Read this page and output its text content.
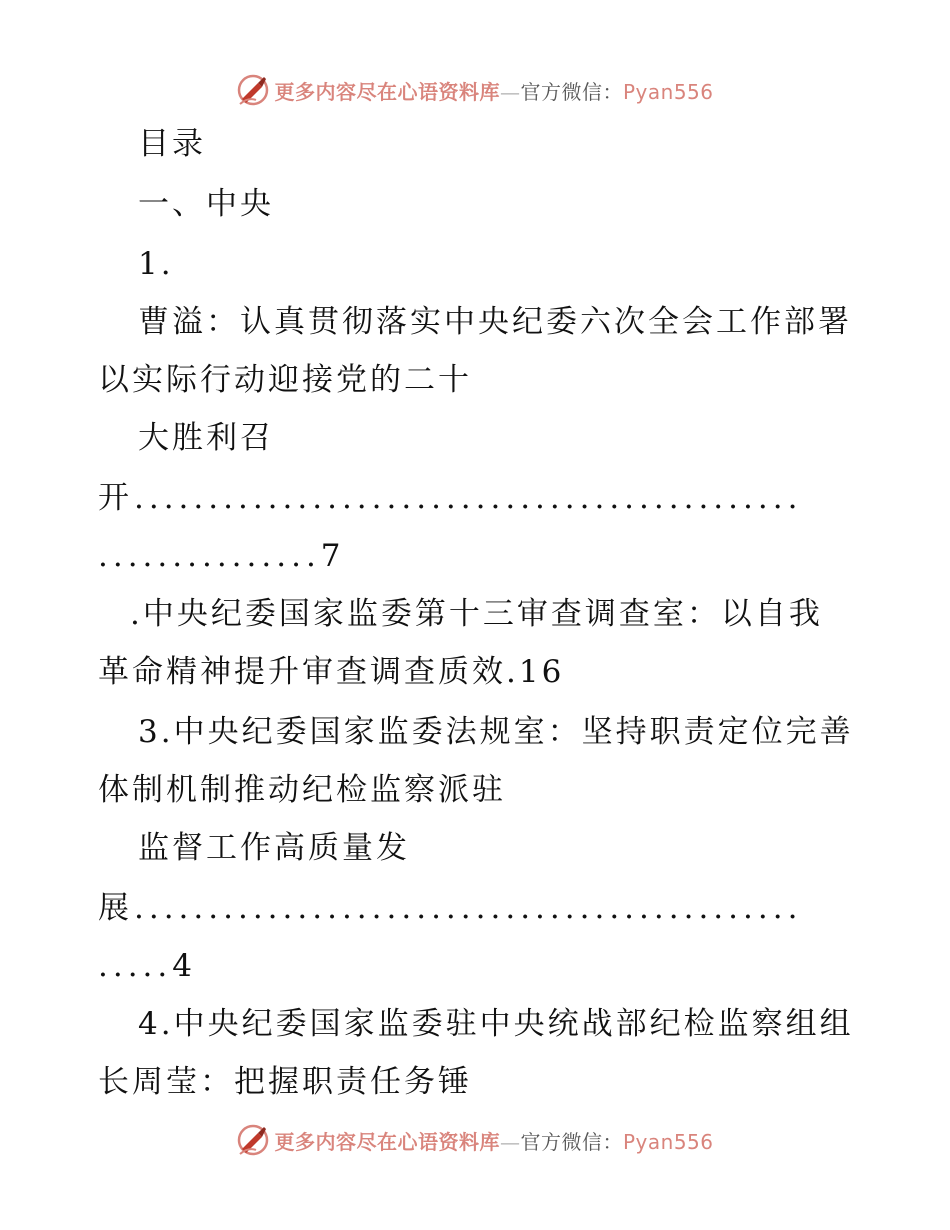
更多内容尽在心语资料库—官方微信：Pyan556
目录
一、中央
1.
曹溢：认真贯彻落实中央纪委六次全会工作部署
以实际行动迎接党的二十
大胜利召
开.............................................
...............7
.中央纪委国家监委第十三审查调查室：以自我
革命精神提升审查调查质效.16
3.中央纪委国家监委法规室：坚持职责定位完善
体制机制推动纪检监察派驻
监督工作高质量发
展.............................................
.....4
4.中央纪委国家监委驻中央统战部纪检监察组组
长周莹：把握职责任务锤
更多内容尽在心语资料库—官方微信：Pyan556
